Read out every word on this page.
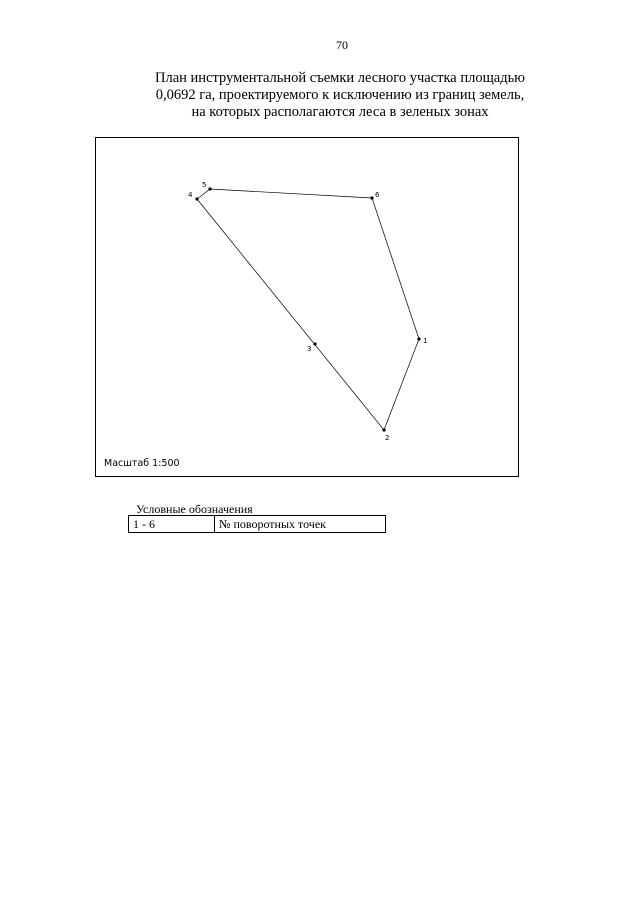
70
План инструментальной съемки лесного участка площадью
0,0692 га, проектируемого к исключению из границ земель,
на которых располагаются леса в зеленых зонах
1
2
3
4
5
6
Масштаб 1:500
Условные обозначения
1 - 6	№ поворотных точек
